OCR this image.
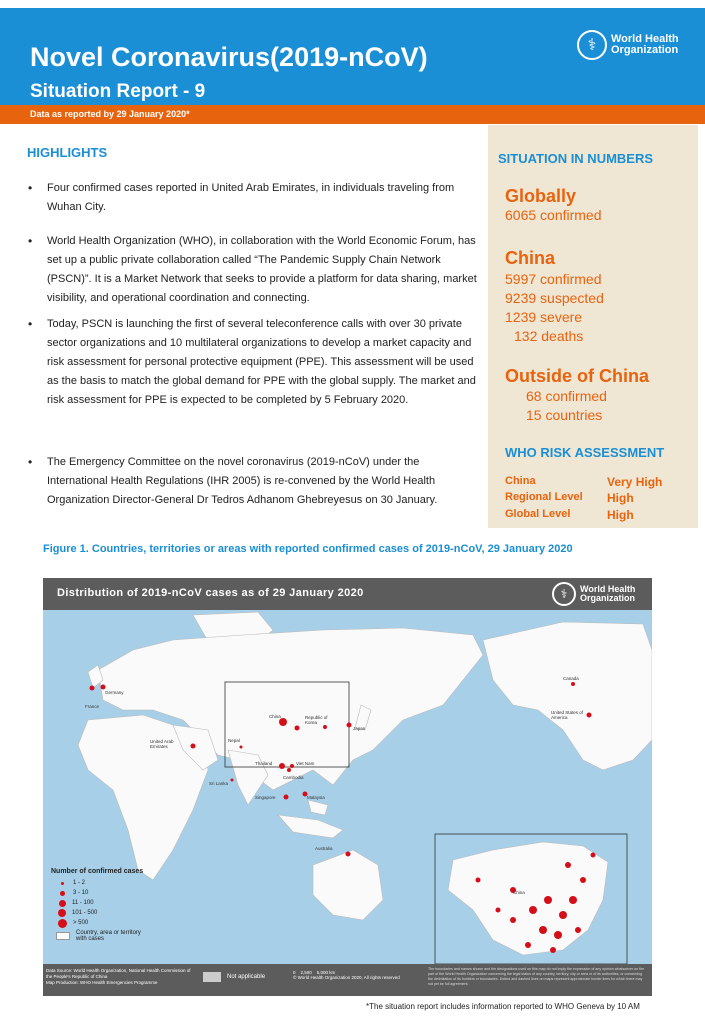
Novel Coronavirus(2019-nCoV)
Situation Report - 9
⚕	World Health Organization
Data as reported by 29 January 2020*
HIGHLIGHTS
• Four confirmed cases reported in United Arab Emirates, in individuals traveling from Wuhan City.
• World Health Organization (WHO), in collaboration with the World Economic Forum, has set up a public private collaboration called “The Pandemic Supply Chain Network (PSCN)”. It is a Market Network that seeks to provide a platform for data sharing, market visibility, and operational coordination and connecting.
• Today, PSCN is launching the first of several teleconference calls with over 30 private sector organizations and 10 multilateral organizations to develop a market capacity and risk assessment for personal protective equipment (PPE). This assessment will be used as the basis to match the global demand for PPE with the global supply. The market and risk assessment for PPE is expected to be completed by 5 February 2020.
• The Emergency Committee on the novel coronavirus (2019-nCoV) under the International Health Regulations (IHR 2005) is re-convened by the World Health Organization Director-General Dr Tedros Adhanom Ghebreyesus on 30 January.
SITUATION IN NUMBERS
Globally
6065 confirmed
China
5997 confirmed
9239 suspected
1239 severe
132 deaths
Outside of China
68 confirmed
15 countries
WHO RISK ASSESSMENT
China	Very High
Regional Level High
Global Level	High
Figure 1. Countries, territories or areas with reported confirmed cases of 2019-nCoV, 29 January 2020
Distribution of 2019-nCoV cases as of 29 January 2020	⚕	World Health Organization
Canada
United States of America
Germany
France
United Arab Emirates
China	Republic of Korea
Japan
Nepal
Thailand	Viet Nam
Cambodia
Sri Lanka
Singapore	Malaysia
Australia
China
Number of confirmed cases
1 - 2
3 - 10
11 - 100
101 - 500
> 500
Country, area or territory with cases
Data Source: World Health Organization, National Health Commission of the People's Republic of China
Map Production: WHO Health Emergencies Programme
Not applicable
0    2,500    5,000 km
© World Health Organization 2020, All rights reserved
The boundaries and names shown and the designations used on this map do not imply the expression of any opinion whatsoever on the part of the World Health Organization concerning the legal status of any country, territory, city or area or of its authorities, or concerning the delimitation of its frontiers or boundaries. Dotted and dashed lines on maps represent approximate border lines for which there may not yet be full agreement.
*The situation report includes information reported to WHO Geneva by 10 AM
